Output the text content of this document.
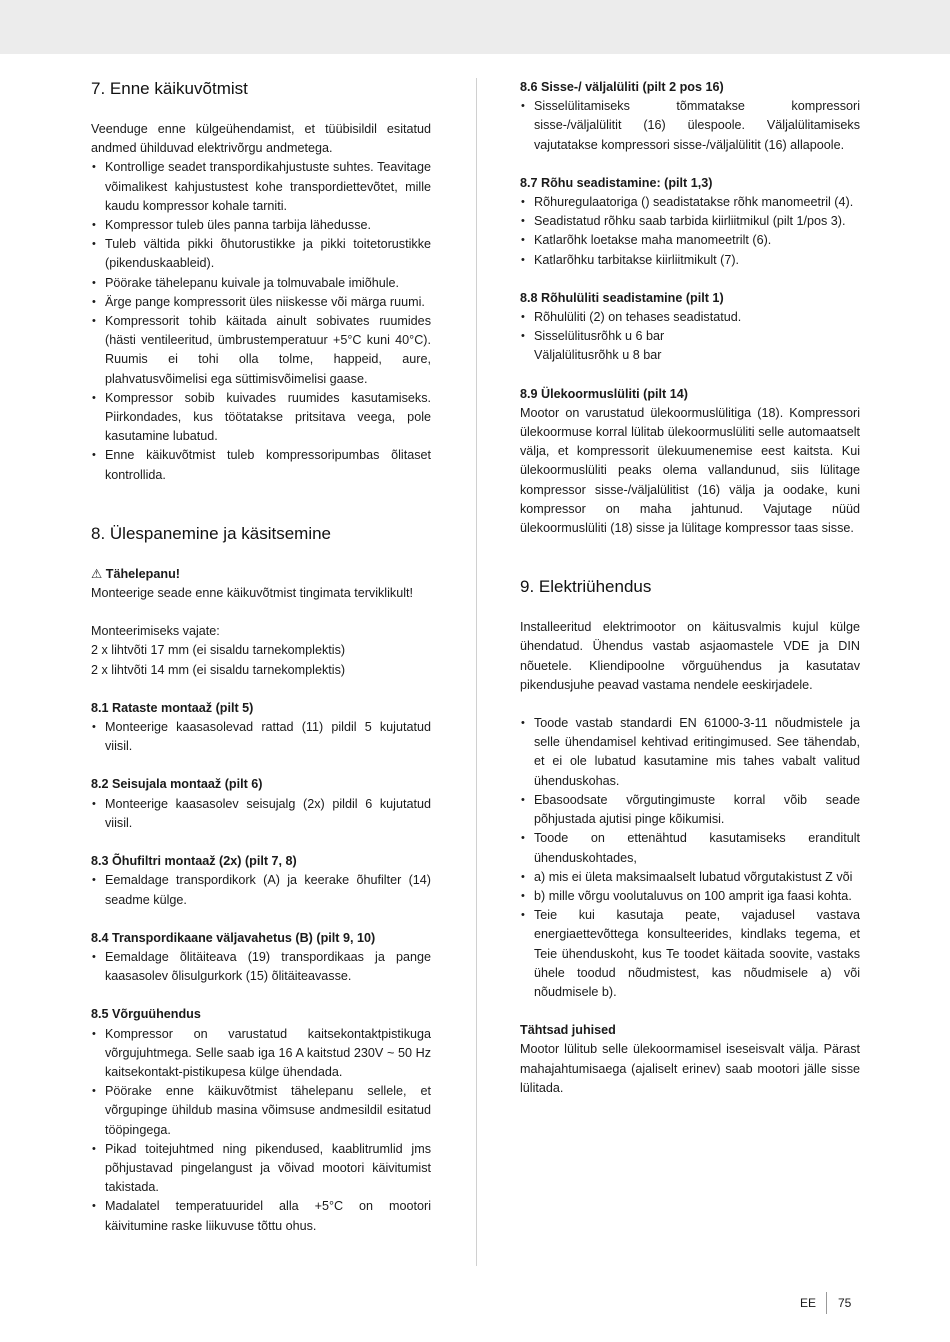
7. Enne käikuvõtmist

Veenduge enne külgeühendamist, et tüübisildil esitatud andmed ühilduvad elektrivõrgu andmetega.

• Kontrollige seadet transpordikahjustuste suhtes. Teavitage võimalikest kahjustustest kohe transpordiettevõtet, mille kaudu kompressor kohale tarniti.
• Kompressor tuleb üles panna tarbija lähedusse.
• Tuleb vältida pikki õhutorustikke ja pikki toitetorustikke (pikenduskaableid).
• Pöörake tähelepanu kuivale ja tolmuvabale imiõhule.
• Ärge pange kompressorit üles niiskesse või märga ruumi.
• Kompressorit tohib käitada ainult sobivates ruumides (hästi ventileeritud, ümbrustemperatuur +5°C kuni 40°C). Ruumis ei tohi olla tolme, happeid, aure, plahvatusvõimelisi ega süttimisvõimelisi gaase.
• Kompressor sobib kuivades ruumides kasutamiseks. Piirkondades, kus töötatakse pritsitava veega, pole kasutamine lubatud.
• Enne käikuvõtmist tuleb kompressoripumbas õlitaset kontrollida.
8. Ülespanemine ja käsitsemine

⚠ Tähelepanu!

Monteerige seade enne käikuvõtmist tingimata terviklikult!

Monteerimiseks vajate:

2 x lihtvõti 17 mm (ei sisaldu tarnekomplektis)

2 x lihtvõti 14 mm (ei sisaldu tarnekomplektis)

8.1 Rataste montaaž (pilt 5)
• Monteerige kaasasolevad rattad (11) pildil 5 kujutatud viisil.
8.2 Seisujala montaaž (pilt 6)
• Monteerige kaasasolev seisujalg (2x) pildil 6 kujutatud viisil.
8.3 Õhufiltri montaaž (2x) (pilt 7, 8)
• Eemaldage transpordikork (A) ja keerake õhufilter (14) seadme külge.
8.4 Transpordikaane väljavahetus (B) (pilt 9, 10)
• Eemaldage õlitäiteava (19) transpordikaas ja pange kaasasolev õlisulgurkork (15) õlitäiteavasse.
8.5 Võrguühendus
• Kompressor on varustatud kaitsekontaktpistikuga võrgujuhtmega. Selle saab iga 16 A kaitstud 230V ~ 50 Hz kaitsekontakt-pistikupesa külge ühendada.
• Pöörake enne käikuvõtmist tähelepanu sellele, et võrgupinge ühildub masina võimsuse andmesildil esitatud tööpingega.
• Pikad toitejuhtmed ning pikendused, kaablitrumlid jms põhjustavad pingelangust ja võivad mootori käivitumist takistada.
• Madalatel temperatuuridel alla +5°C on mootori käivitumine raske liikuvuse tõttu ohus.
8.6 Sisse-/ väljalüliti (pilt 2 pos 16)
• Sisselülitamiseks tõmmatakse kompressori sisse-/väljalülitit (16) ülespoole. Väljalülitamiseks vajutatakse kompressori sisse-/väljalülitit (16) allapoole.
8.7 Rõhu seadistamine: (pilt 1,3)
• Rõhuregulaatoriga () seadistatakse rõhk manomeetril (4).
• Seadistatud rõhku saab tarbida kiirliitmikul (pilt 1/pos 3).
• Katlarõhk loetakse maha manomeetrilt (6).
• Katlarõhku tarbitakse kiirliitmikult (7).
8.8 Rõhulüliti seadistamine (pilt 1)
• Rõhulüliti (2) on tehases seadistatud.
• Sisselülitusrõhk u 6 bar

Väljalülitusrõhk u 8 bar

8.9 Ülekoormuslüliti (pilt 14)

Mootor on varustatud ülekoormuslülitiga (18). Kompressori ülekoormuse korral lülitab ülekoormuslüliti selle automaatselt välja, et kompressorit ülekuumenemise eest kaitsta. Kui ülekoormuslüliti peaks olema vallandunud, siis lülitage kompressor sisse-/väljalülitist (16) välja ja oodake, kuni kompressor on maha jahtunud. Vajutage nüüd ülekoormuslüliti (18) sisse ja lülitage kompressor taas sisse.

9. Elektriühendus

Installeeritud elektrimootor on käitusvalmis kujul külge ühendatud. Ühendus vastab asjaomastele VDE ja DIN nõuetele. Kliendipoolne võrguühendus ja kasutatav pikendusjuhe peavad vastama nendele eeskirjadele.

• Toode vastab standardi EN 61000-3-11 nõudmistele ja selle ühendamisel kehtivad eritingimused. See tähendab, et ei ole lubatud kasutamine mis tahes vabalt valitud ühenduskohas.
• Ebasoodsate võrgutingimuste korral võib seade põhjustada ajutisi pinge kõikumisi.
• Toode on ettenähtud kasutamiseks eranditult ühenduskohtades,
• a) mis ei ületa maksimaalselt lubatud võrgutakistust Z või
• b) mille võrgu voolutaluvus on 100 amprit iga faasi kohta.
• Teie kui kasutaja peate, vajadusel vastava energiaettevõttega konsulteerides, kindlaks tegema, et Teie ühenduskoht, kus Te toodet käitada soovite, vastaks ühele toodud nõudmistest, kas nõudmisele a) või nõudmisele b).
Tähtsad juhised

Mootor lülitub selle ülekoormamisel iseseisvalt välja. Pärast mahajahtumisaega (ajaliselt erinev) saab mootori jälle sisse lülitada.

EE 75
